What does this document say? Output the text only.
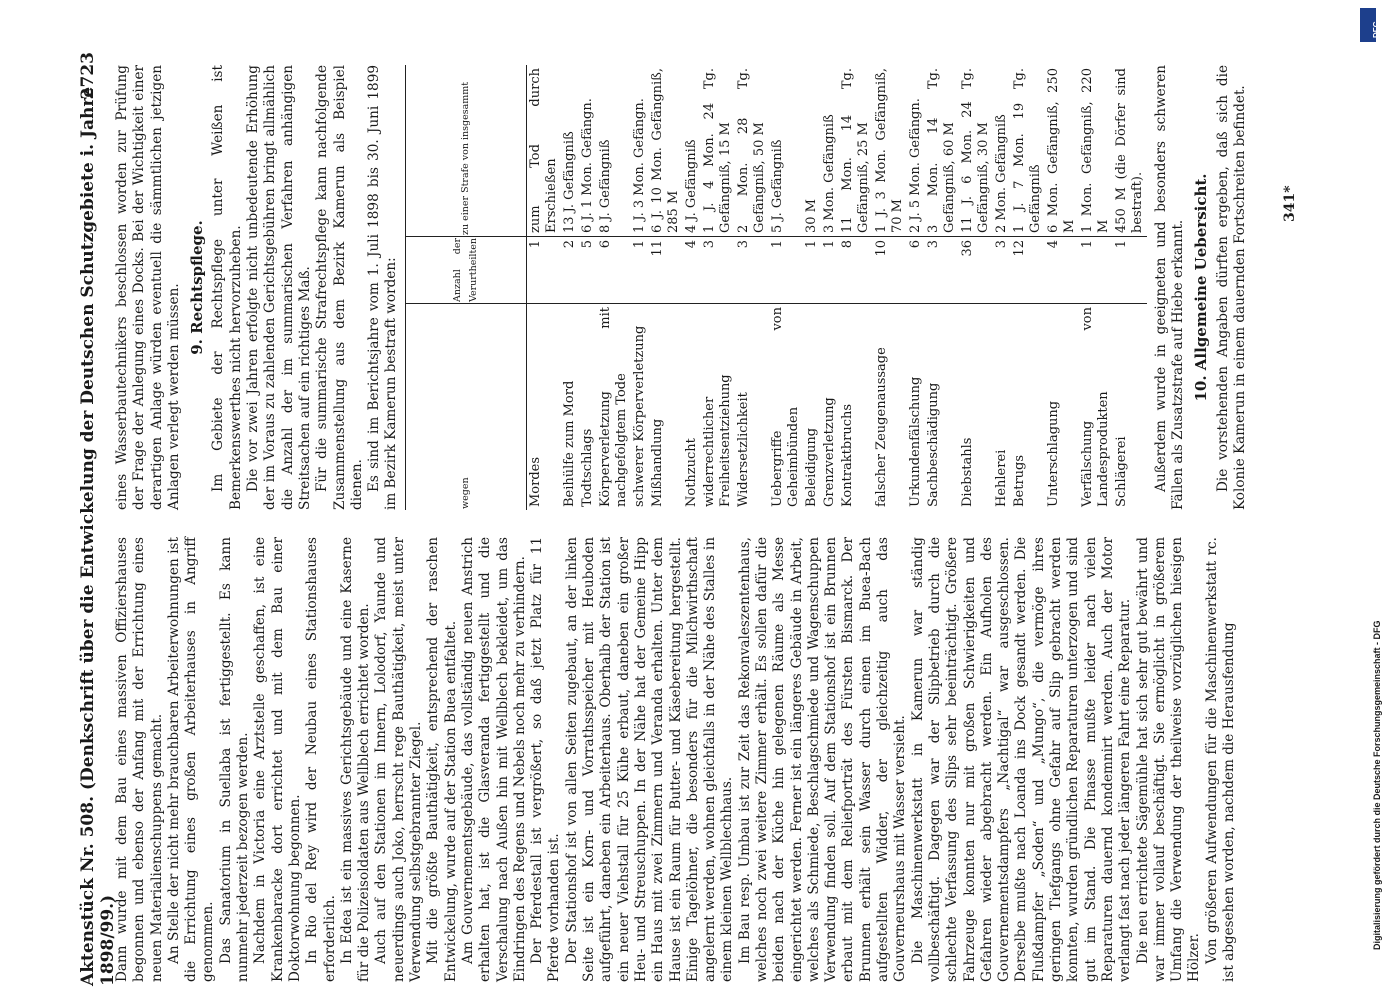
Aktenstück Nr. 508. (Denkschrift über die Entwickelung der Deutschen Schutzgebiete i. Jahre 1898/99.)
2723

Dann wurde mit dem Bau eines massiven Offiziershauses begonnen und ebenso der Anfang mit der Errichtung eines neuen Materialienschuppens gemacht. An Stelle der nicht mehr brauchbaren Arbeiterwohnungen ist die Errichtung eines großen Arbeiterhauses in Angriff genommen. Das Sanatorium in Suellaba ist fertiggestellt. Es kann nunmehr jederzeit bezogen werden. Nachdem in Victoria eine Arztstelle geschaffen, ist eine Krankenbaracke dort errichtet und mit dem Bau einer Doktorwohnung begonnen. In Rio del Rey wird der Neubau eines Stationshauses erforderlich. In Edea ist ein massives Gerichtsgebäude und eine Kaserne für die Polizeisoldaten aus Wellblech errichtet worden. Auch auf den Stationen im Innern, Lolodorf, Yaunde und neuerdings auch Joko, herrscht rege Bauthätigkeit, meist unter Verwendung selbstgebrannter Ziegel. Mit die größte Bauthätigkeit, entsprechend der raschen Entwickelung, wurde auf der Station Buea entfaltet. Am Gouvernementsgebäude, das vollständig neuen Anstrich erhalten hat, ist die Glasveranda fertiggestellt und die Verschalung nach Außen hin mit Wellblech bekleidet, um das Eindringen des Regens und Nebels noch mehr zu verhindern. Der Pferdestall ist vergrößert, so daß jetzt Platz für 11 Pferde vorhanden ist. Der Stationshof ist von allen Seiten zugebaut, an der linken Seite ist ein Korn- und Vorrathsspeicher mit Heuboden aufgeführt, daneben ein Arbeiterhaus. Oberhalb der Station ist ein neuer Viehstall für 25 Kühe erbaut, daneben ein großer Heu- und Streuschuppen. In der Nähe hat der Gemeine Hipp ein Haus mit zwei Zimmern und Veranda erhalten. Unter dem Hause ist ein Raum für Butter- und Käsebereitung hergestellt. Einige Tagelöhner, die besonders für die Milchwirthschaft angelernt werden, wohnen gleichfalls in der Nähe des Stalles in einem kleinen Wellblechhaus. Im Bau resp. Umbau ist zur Zeit das Rekonvaleszentenhaus, welches noch zwei weitere Zimmer erhält. Es sollen dafür die beiden nach der Küche hin gelegenen Räume als Messe eingerichtet werden. Ferner ist ein längeres Gebäude in Arbeit, welches als Schmiede, Beschlagschmiede und Wagenschuppen Verwendung finden soll. Auf dem Stationshof ist ein Brunnen erbaut mit dem Reliefporträt des Fürsten Bismarck. Der Brunnen erhält sein Wasser durch einen im Buea-Bach aufgestellten Widder, der gleichzeitig auch das Gouverneurshaus mit Wasser versieht. Die Maschinenwerkstatt in Kamerun war ständig vollbeschäftigt. Dagegen war der Slipbetrieb durch die schlechte Verfassung des Slips sehr beeinträchtigt. Größere Fahrzeuge konnten nur mit großen Schwierigkeiten und Gefahren wieder abgebracht werden. Ein Aufholen des Gouvernementsdampfers „Nachtigal“ war ausgeschlossen. Derselbe mußte nach Loanda ins Dock gesandt werden. Die Flußdampfer „Soden“ und „Mungo“, die vermöge ihres geringen Tiefgangs ohne Gefahr auf Slip gebracht werden konnten, wurden gründlichen Reparaturen unterzogen und sind gut im Stand. Die Pinasse mußte leider nach vielen Reparaturen dauernd kondemnirt werden. Auch der Motor verlangt fast nach jeder längeren Fahrt eine Reparatur. Die neu errichtete Sägemühle hat sich sehr gut bewährt und war immer vollauf beschäftigt. Sie ermöglicht in größerem Umfang die Verwendung der theilweise vorzüglichen hiesigen Hölzer. Von größeren Aufwendungen für die Maschinenwerkstatt rc. ist abgesehen worden, nachdem die Herausfendung

eines Wasserbautechnikers beschlossen worden zur Prüfung der Frage der Anlegung eines Docks. Bei der Wichtigkeit einer derartigen Anlage würden eventuell die sämmtlichen jetzigen Anlagen verlegt werden müssen. 9. Rechtspflege. Im Gebiete der Rechtspflege unter Weißen ist Bemerkenswerthes nicht hervorzuheben. Die vor zwei Jahren erfolgte nicht unbedeutende Erhöhung der im Voraus zu zahlenden Gerichtsgebühren bringt allmählich die Anzahl der im summarischen Verfahren anhängigen Streitsachen auf ein richtiges Maß. Für die summarische Strafrechtspflege kann nachfolgende Zusammenstellung aus dem Bezirk Kamerun als Beispiel dienen. Es sind im Berichtsjahre vom 1. Juli 1898 bis 30. Juni 1899 im Bezirk Kamerun bestraft worden:	wegen	Anzahl der Verurtheilten	zu einer Strafe von insgesammt
Mordes	1	zum Tod durch Erschießen
Beihülfe zum Mord	2	13 J. Gefängniß
Todtschlags	5	6 J. 1 Mon. Gefängn.
Körperverletzung mit nachgefolgtem Tode	6	8 J. Gefängniß
schwerer Körperverletzung	1	1 J. 3 Mon. Gefängn.
Mißhandlung	11	6 J. 10 Mon. Gefängniß, 285 M
Nothzucht	4	4 J. Gefängniß
widerrechtlicher Freiheitsentziehung	3	1 J. 4 Mon. 24 Tg. Gefängniß, 15 M
Widersetzlichkeit	3	2 Mon. 28 Tg. Gefängniß, 50 M
Uebergriffe von Geheimbünden	1	5 J. Gefängniß
Beleidigung	1	30 M
Grenzverletzung	1	3 Mon. Gefängniß
Kontraktbruchs	8	11 Mon. 14 Tg. Gefängniß, 25 M
falscher Zeugenaussage	10	1 J. 3 Mon. Gefängniß, 70 M
Urkundenfälschung	6	2 J. 5 Mon. Gefängn.
Sachbeschädigung	3	3 Mon. 14 Tg. Gefängniß, 60 M
Diebstahls	36	11 J. 6 Mon. 24 Tg. Gefängniß, 30 M
Hehlerei	3	2 Mon. Gefängniß
Betrugs	12	1 J. 7 Mon. 19 Tg. Gefängniß
Unterschlagung	4	6 Mon. Gefängniß, 250 M
Verfälschung von Landesprodukten	1	1 Mon. Gefängniß, 220 M
Schlägerei	1	450 M (die Dörfer sind bestraft). Außerdem wurde in geeigneten und besonders schweren Fällen als Zusatzstrafe auf Hiebe erkannt. 10. Allgemeine Uebersicht. Die vorstehenden Angaben dürften ergeben, daß sich die Kolonie Kamerun in einem dauernden Fortschreiten befindet. 341*
DFG
Digitalisierung gefördert durch die Deutsche Forschungsgemeinschaft - DFG
